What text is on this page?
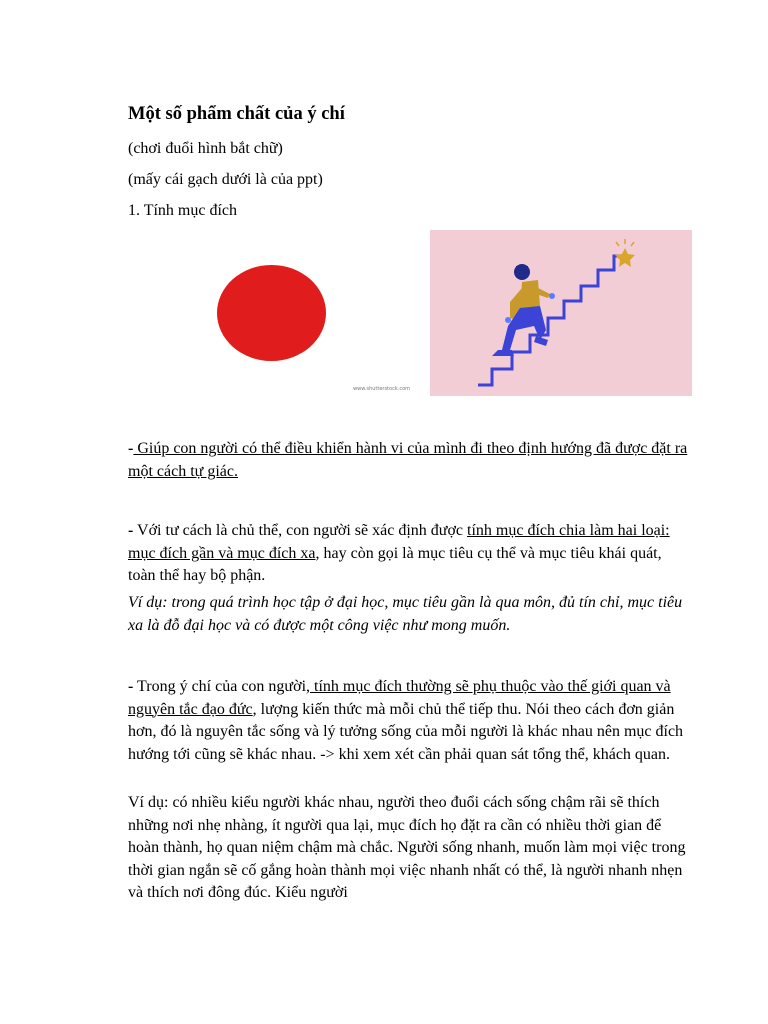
Một số phẩm chất của ý chí
(chơi đuổi hình bắt chữ)
(mấy cái gạch dưới là của ppt)
1. Tính mục đích
www.shutterstock.com

- Giúp con người có thể điều khiển hành vi của mình đi theo định hướng đã được đặt ra một cách tự giác.

- Với tư cách là chủ thể, con người sẽ xác định được tính mục đích chia làm hai loại: mục đích gần và mục đích xa, hay còn gọi là mục tiêu cụ thể và mục tiêu khái quát, toàn thể hay bộ phận.

Ví dụ: trong quá trình học tập ở đại học, mục tiêu gần là qua môn, đủ tín chỉ, mục tiêu xa là đỗ đại học và có được một công việc như mong muốn.

- Trong ý chí của con người, tính mục đích thường sẽ phụ thuộc vào thế giới quan và nguyên tắc đạo đức, lượng kiến thức mà mỗi chủ thể tiếp thu. Nói theo cách đơn giản hơn, đó là nguyên tắc sống và lý tưởng sống của mỗi người là khác nhau nên mục đích hướng tới cũng sẽ khác nhau. -> khi xem xét cần phải quan sát tổng thể, khách quan.

Ví dụ: có nhiều kiểu người khác nhau, người theo đuổi cách sống chậm rãi sẽ thích những nơi nhẹ nhàng, ít người qua lại, mục đích họ đặt ra cần có nhiều thời gian để hoàn thành, họ quan niệm chậm mà chắc. Người sống nhanh, muốn làm mọi việc trong thời gian ngắn sẽ cố gắng hoàn thành mọi việc nhanh nhất có thể, là người nhanh nhẹn và thích nơi đông đúc. Kiểu người
